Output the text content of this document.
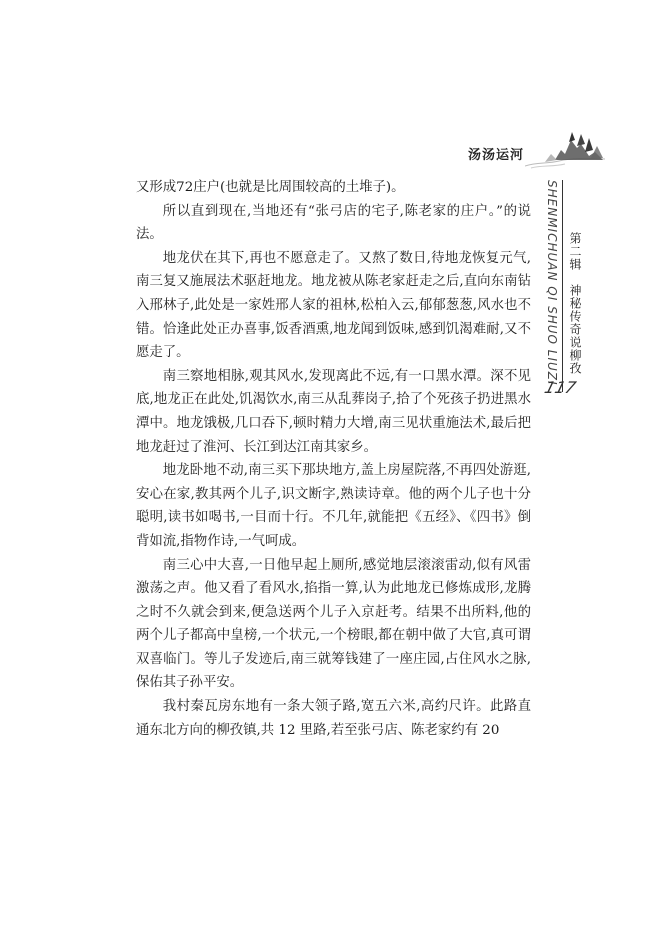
汤汤运河

又形成72庄户(也就是比周围较高的土堆子)。

所以直到现在,当地还有“张弓店的宅子,陈老家的庄户。”的说法。

地龙伏在其下,再也不愿意走了。又熬了数日,待地龙恢复元气,南三复又施展法术驱赶地龙。地龙被从陈老家赶走之后,直向东南钻入邢林子,此处是一家姓邢人家的祖林,松柏入云,郁郁葱葱,风水也不错。恰逢此处正办喜事,饭香酒熏,地龙闻到饭味,感到饥渴难耐,又不愿走了。

南三察地相脉,观其风水,发现离此不远,有一口黑水潭。深不见底,地龙正在此处,饥渴饮水,南三从乱葬岗子,拾了个死孩子扔进黑水潭中。地龙饿极,几口吞下,顿时精力大增,南三见状重施法术,最后把地龙赶过了淮河、长江到达江南其家乡。

地龙卧地不动,南三买下那块地方,盖上房屋院落,不再四处游逛,安心在家,教其两个儿子,识文断字,熟读诗章。他的两个儿子也十分聪明,读书如喝书,一目而十行。不几年,就能把《五经》、《四书》倒背如流,指物作诗,一气呵成。

南三心中大喜,一日他早起上厕所,感觉地层滚滚雷动,似有风雷激荡之声。他又看了看风水,掐指一算,认为此地龙已修炼成形,龙腾之时不久就会到来,便急送两个儿子入京赶考。结果不出所料,他的两个儿子都高中皇榜,一个状元,一个榜眼,都在朝中做了大官,真可谓双喜临门。等儿子发迹后,南三就筹钱建了一座庄园,占住风水之脉,保佑其子孙平安。

我村秦瓦房东地有一条大领子路,宽五六米,高约尺许。此路直通东北方向的柳孜镇,共 12 里路,若至张弓店、陈老家约有 20

SHENMICHUAN QI SHUO LIUZI 第二辑　神秘传奇说柳孜
117
